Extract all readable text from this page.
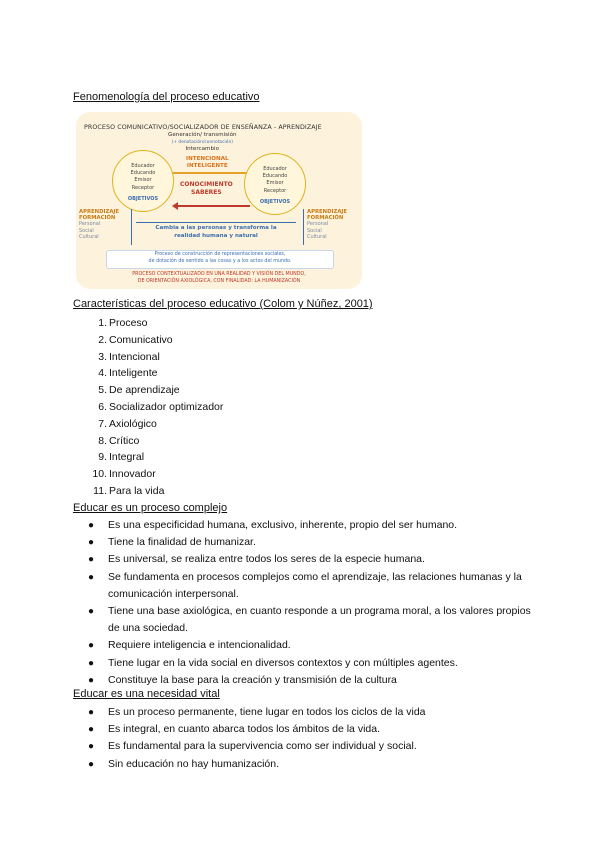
Fenomenología del proceso educativo
PROCESO COMUNICATIVO/SOCIALIZADOR DE ENSEÑANZA - APRENDIZAJE
Generación/ transmisión
(+ denotación/connotación)
Intercambio
INTENCIONAL
INTELIGENTE
CONOCIMIENTO
SABERES
Educador
Educando
Emisor
Receptor
OBJETIVOS
Educador
Educando
Emisor
Receptor
OBJETIVOS
APRENDIZAJE
FORMACIÓN
Personal
Social
Cultural
APRENDIZAJE
FORMACIÓN
Personal
Social
Cultural
Cambia a las personas y transforma la
realidad humana y natural
Proceso de construcción de representaciones sociales,
de dotación de sentido a las cosas y a los actos del mundo.
PROCESO CONTEXTUALIZADO EN UNA REALIDAD Y VISIÓN DEL MUNDO,
DE ORIENTACIÓN AXIOLÓGICA, CON FINALIDAD: LA HUMANIZACIÓN
Características del proceso educativo (Colom y Núñez, 2001)
1. Proceso
2. Comunicativo
3. Intencional
4. Inteligente
5. De aprendizaje
6. Socializador optimizador
7. Axiológico
8. Crítico
9. Integral
10. Innovador
11. Para la vida
Educar es un proceso complejo
● Es una especificidad humana, exclusivo, inherente, propio del ser humano.
● Tiene la finalidad de humanizar.
● Es universal, se realiza entre todos los seres de la especie humana.
● Se fundamenta en procesos complejos como el aprendizaje, las relaciones humanas y la comunicación interpersonal.
● Tiene una base axiológica, en cuanto responde a un programa moral, a los valores propios de una sociedad.
● Requiere inteligencia e intencionalidad.
● Tiene lugar en la vida social en diversos contextos y con múltiples agentes.
● Constituye la base para la creación y transmisión de la cultura
Educar es una necesidad vital
● Es un proceso permanente, tiene lugar en todos los ciclos de la vida
● Es integral, en cuanto abarca todos los ámbitos de la vida.
● Es fundamental para la supervivencia como ser individual y social.
● Sin educación no hay humanización.
